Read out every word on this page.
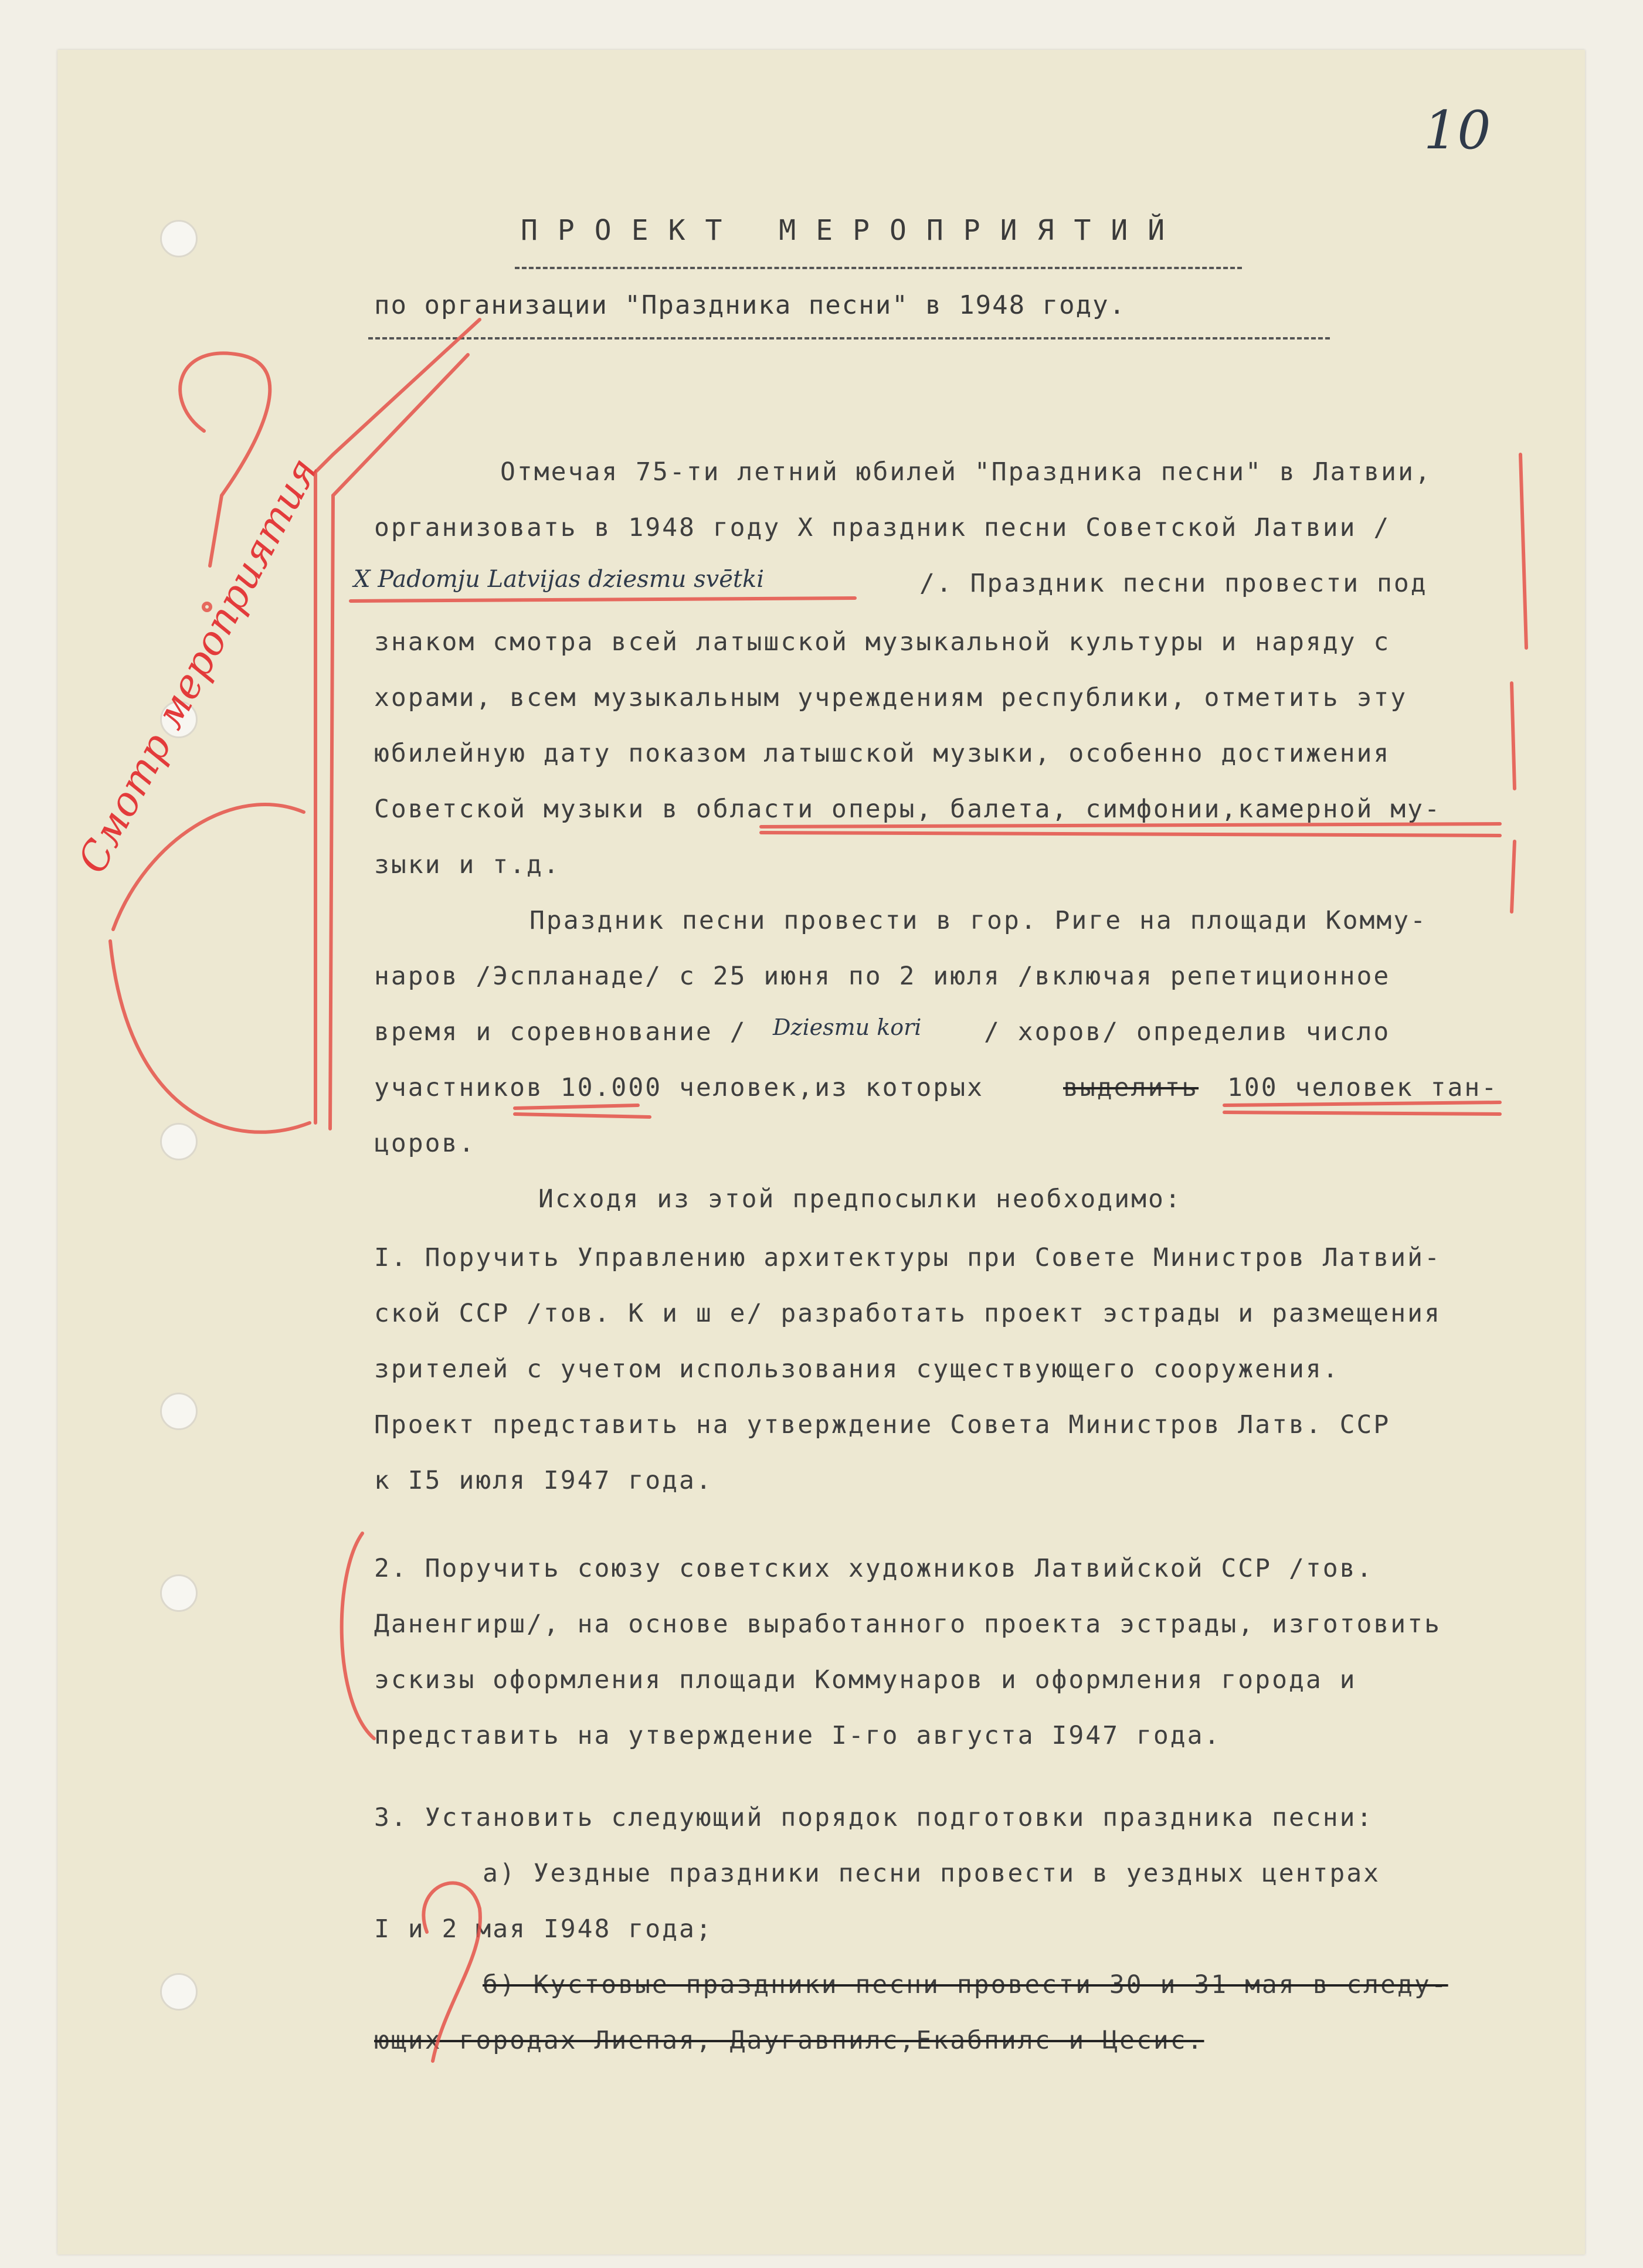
10
ПРОЕКТ МЕРОПРИЯТИЙ
по организации "Праздника песни" в 1948 году.
Отмечая 75-ти летний юбилей "Праздника песни" в Латвии,
организовать в 1948 году X праздник песни Советской Латвии /
X Padomju Latvijas dziesmu svētki	/. Праздник песни провести под
знаком смотра всей латышской музыкальной культуры и наряду с
хорами, всем музыкальным учреждениям республики, отметить эту
юбилейную дату показом латышской музыки, особенно достижения
Советской музыки в области оперы, балета, симфонии,камерной му-
зыки и т.д.
Праздник песни провести в гор. Риге на площади Комму-
наров /Эспланаде/ с 25 июня по 2 июля /включая репетиционное
время и соревнование / Dziesmu kori / хоров/ определив число
участников 10.000 человек,из которых	выделить 100 человек тан-
цоров.
Исходя из этой предпосылки необходимо:
I. Поручить Управлению архитектуры при Совете Министров Латвий-
ской ССР /тов. К и ш е/ разработать проект эстрады и размещения
зрителей с учетом использования существующего сооружения.
Проект представить на утверждение Совета Министров Латв. ССР
к I5 июля I947 года.
2. Поручить союзу советских художников Латвийской ССР /тов.
Даненгирш/, на основе выработанного проекта эстрады, изготовить
эскизы оформления площади Коммунаров и оформления города и
представить на утверждение I-го августа I947 года.
3. Установить следующий порядок подготовки праздника песни:
а) Уездные праздники песни провести в уездных центрах
I и 2 мая I948 года;
б) Кустовые праздники песни провести 30 и 31 мая в следу-
ющих городах Лиепая, Даугавпилс,Екабпилс и Цесис.
Смотр мероприятия
